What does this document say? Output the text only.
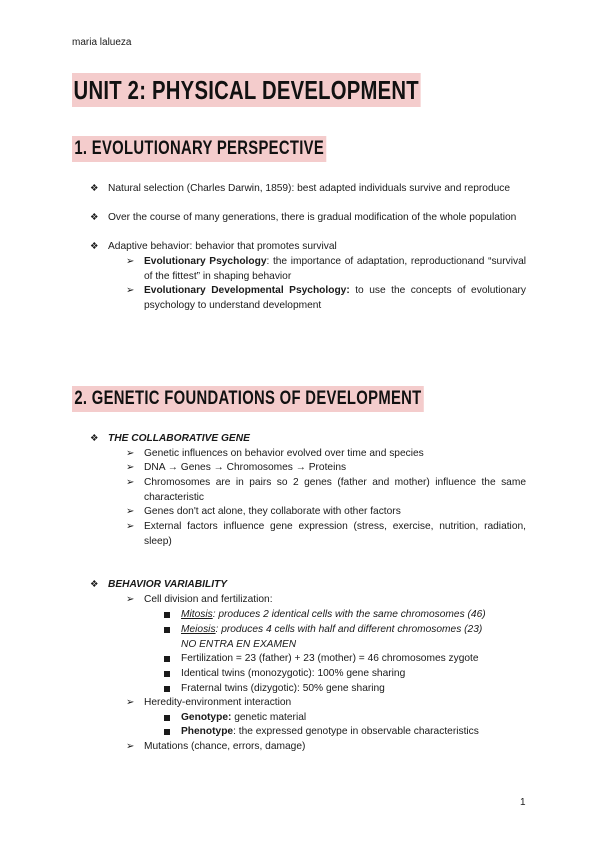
maria lalueza
UNIT 2: PHYSICAL DEVELOPMENT
1. EVOLUTIONARY PERSPECTIVE
❖ Natural selection (Charles Darwin, 1859): best adapted individuals survive and reproduce
❖ Over the course of many generations, there is gradual modification of the whole population
❖ Adaptive behavior: behavior that promotes survival
➢ Evolutionary Psychology: the importance of adaptation, reproductionand “survival of the fittest” in shaping behavior
➢ Evolutionary Developmental Psychology: to use the concepts of evolutionary psychology to understand development
2. GENETIC FOUNDATIONS OF DEVELOPMENT
❖ THE COLLABORATIVE GENE
➢ Genetic influences on behavior evolved over time and species
➢ DNA → Genes → Chromosomes → Proteins
➢ Chromosomes are in pairs so 2 genes (father and mother) influence the same characteristic
➢ Genes don't act alone, they collaborate with other factors
➢ External factors influence gene expression (stress, exercise, nutrition, radiation, sleep)
❖ BEHAVIOR VARIABILITY
➢ Cell division and fertilization:
Mitosis: produces 2 identical cells with the same chromosomes (46)
Meiosis: produces 4 cells with half and different chromosomes (23)
NO ENTRA EN EXAMEN
Fertilization = 23 (father) + 23 (mother) = 46 chromosomes zygote
Identical twins (monozygotic): 100% gene sharing
Fraternal twins (dizygotic): 50% gene sharing
➢ Heredity-environment interaction
Genotype: genetic material
Phenotype: the expressed genotype in observable characteristics
➢ Mutations (chance, errors, damage)
1
